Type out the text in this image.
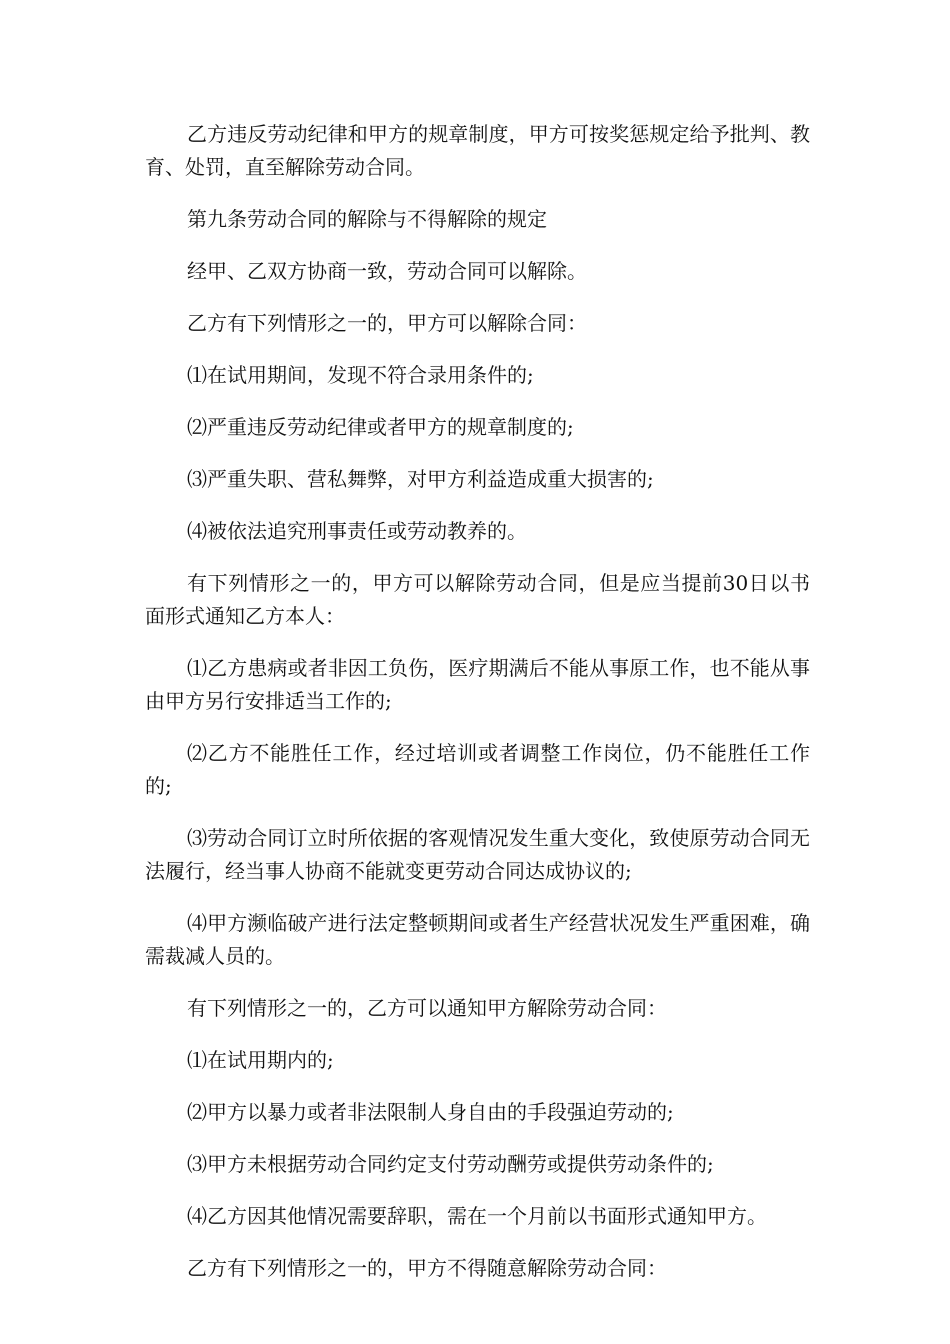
乙方违反劳动纪律和甲方的规章制度，甲方可按奖惩规定给予批判、教育、处罚，直至解除劳动合同。

第九条劳动合同的解除与不得解除的规定

经甲、乙双方协商一致，劳动合同可以解除。

乙方有下列情形之一的，甲方可以解除合同：

⑴在试用期间，发现不符合录用条件的;

⑵严重违反劳动纪律或者甲方的规章制度的;

⑶严重失职、营私舞弊，对甲方利益造成重大损害的;

⑷被依法追究刑事责任或劳动教养的。

有下列情形之一的，甲方可以解除劳动合同，但是应当提前30日以书面形式通知乙方本人：

⑴乙方患病或者非因工负伤，医疗期满后不能从事原工作，也不能从事由甲方另行安排适当工作的;

⑵乙方不能胜任工作，经过培训或者调整工作岗位，仍不能胜任工作的;

⑶劳动合同订立时所依据的客观情况发生重大变化，致使原劳动合同无法履行，经当事人协商不能就变更劳动合同达成协议的;

⑷甲方濒临破产进行法定整顿期间或者生产经营状况发生严重困难，确需裁减人员的。

有下列情形之一的，乙方可以通知甲方解除劳动合同：

⑴在试用期内的;

⑵甲方以暴力或者非法限制人身自由的手段强迫劳动的;

⑶甲方未根据劳动合同约定支付劳动酬劳或提供劳动条件的;

⑷乙方因其他情况需要辞职，需在一个月前以书面形式通知甲方。

乙方有下列情形之一的，甲方不得随意解除劳动合同：
